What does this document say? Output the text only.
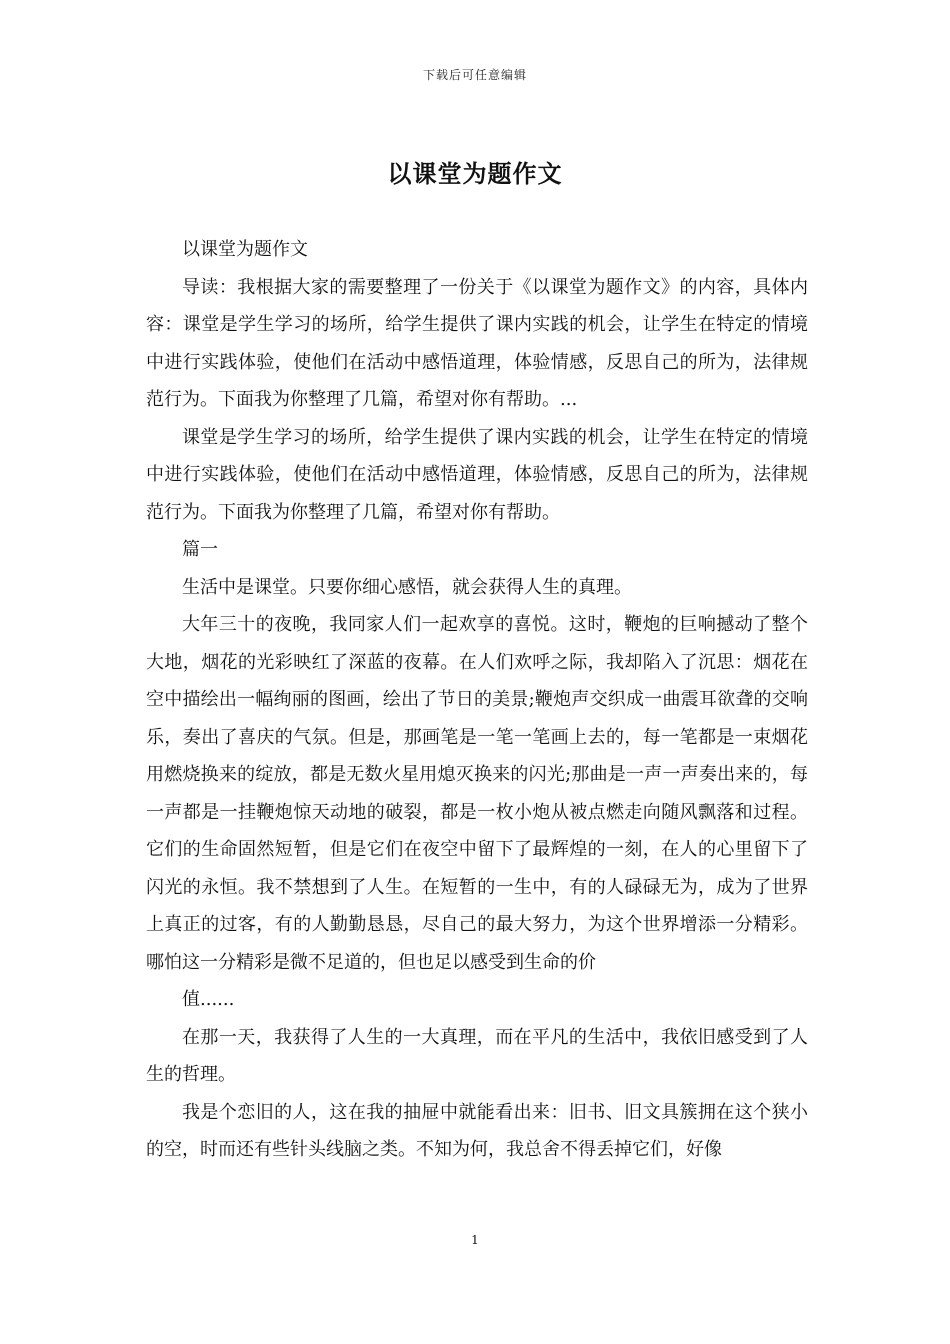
下载后可任意编辑
以课堂为题作文

以课堂为题作文

导读：我根据大家的需要整理了一份关于《以课堂为题作文》的内容，具体内容：课堂是学生学习的场所，给学生提供了课内实践的机会，让学生在特定的情境中进行实践体验，使他们在活动中感悟道理，体验情感，反思自己的所为，法律规范行为。下面我为你整理了几篇，希望对你有帮助。...

课堂是学生学习的场所，给学生提供了课内实践的机会，让学生在特定的情境中进行实践体验，使他们在活动中感悟道理，体验情感，反思自己的所为，法律规范行为。下面我为你整理了几篇，希望对你有帮助。

篇一

生活中是课堂。只要你细心感悟，就会获得人生的真理。

大年三十的夜晚，我同家人们一起欢享的喜悦。这时，鞭炮的巨响撼动了整个大地，烟花的光彩映红了深蓝的夜幕。在人们欢呼之际，我却陷入了沉思：烟花在空中描绘出一幅绚丽的图画，绘出了节日的美景;鞭炮声交织成一曲震耳欲聋的交响乐，奏出了喜庆的气氛。但是，那画笔是一笔一笔画上去的，每一笔都是一束烟花用燃烧换来的绽放，都是无数火星用熄灭换来的闪光;那曲是一声一声奏出来的，每一声都是一挂鞭炮惊天动地的破裂，都是一枚小炮从被点燃走向随风飘落和过程。它们的生命固然短暂，但是它们在夜空中留下了最辉煌的一刻，在人的心里留下了闪光的永恒。我不禁想到了人生。在短暂的一生中，有的人碌碌无为，成为了世界上真正的过客，有的人勤勤恳恳，尽自己的最大努力，为这个世界增添一分精彩。哪怕这一分精彩是微不足道的，但也足以感受到生命的价

值......

在那一天，我获得了人生的一大真理，而在平凡的生活中，我依旧感受到了人生的哲理。

我是个恋旧的人，这在我的抽屉中就能看出来：旧书、旧文具簇拥在这个狭小的空，时而还有些针头线脑之类。不知为何，我总舍不得丢掉它们，好像

1
